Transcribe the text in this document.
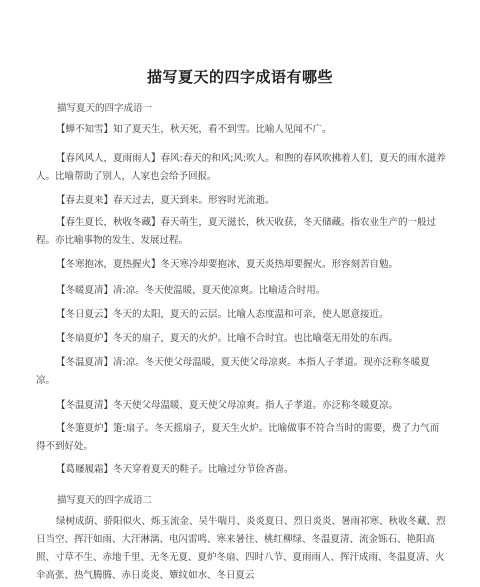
描写夏天的四字成语有哪些
描写夏天的四字成语一
【蝉不知雪】知了夏天生，秋天死，看不到雪。比喻人见闻不广。
【春风风人，夏雨雨人】春风:春天的和风;风:吹人。和煦的春风吹拂着人们，夏天的雨水滋养人。比喻帮助了别人，人家也会给予回报。
【春去夏来】春天过去，夏天到来。形容时光流逝。
【春生夏长，秋收冬藏】春天萌生，夏天滋长，秋天收获，冬天储藏。指农业生产的一般过程。亦比喻事物的发生、发展过程。
【冬寒抱冰，夏热握火】冬天寒冷却要抱冰，夏天炎热却要握火。形容刻苦自勉。
【冬暖夏凊】凊:凉。冬天使温暖，夏天使凉爽。比喻适合时用。
【冬日夏云】冬天的太阳，夏天的云层。比喻人态度温和可亲，使人愿意接近。
【冬扇夏炉】冬天的扇子，夏天的火炉。比喻不合时宜。也比喻毫无用处的东西。
【冬温夏凊】凊:凉。冬天使父母温暖，夏天使父母凉爽。本指人子孝道。现亦泛称冬暖夏凉。
【冬温夏清】冬天使父母温暖，夏天使父母凉爽。指人子孝道。亦泛称冬暖夏凉。
【冬箑夏炉】箑:扇子。冬天摇扇子，夏天生火炉。比喻做事不符合当时的需要，费了力气而得不到好处。
【葛屦履霜】冬天穿着夏天的鞋子。比喻过分节俭吝啬。
描写夏天的四字成语二
绿树成荫、骄阳似火、烁玉流金、吴牛喘月、炎炎夏日、烈日炎炎、暑雨祁寒、秋收冬藏、烈日当空、挥汗如雨、大汗淋漓、电闪雷鸣、寒来暑往、桃红柳绿、冬温夏清、流金铄石、艳阳高照、寸草不生、赤地千里、无冬无夏、夏炉冬扇、四时八节、夏雨雨人、挥汗成雨、冬温夏凊、火伞高张、热气腾腾、赤日炎炎、簟纹如水、冬日夏云
